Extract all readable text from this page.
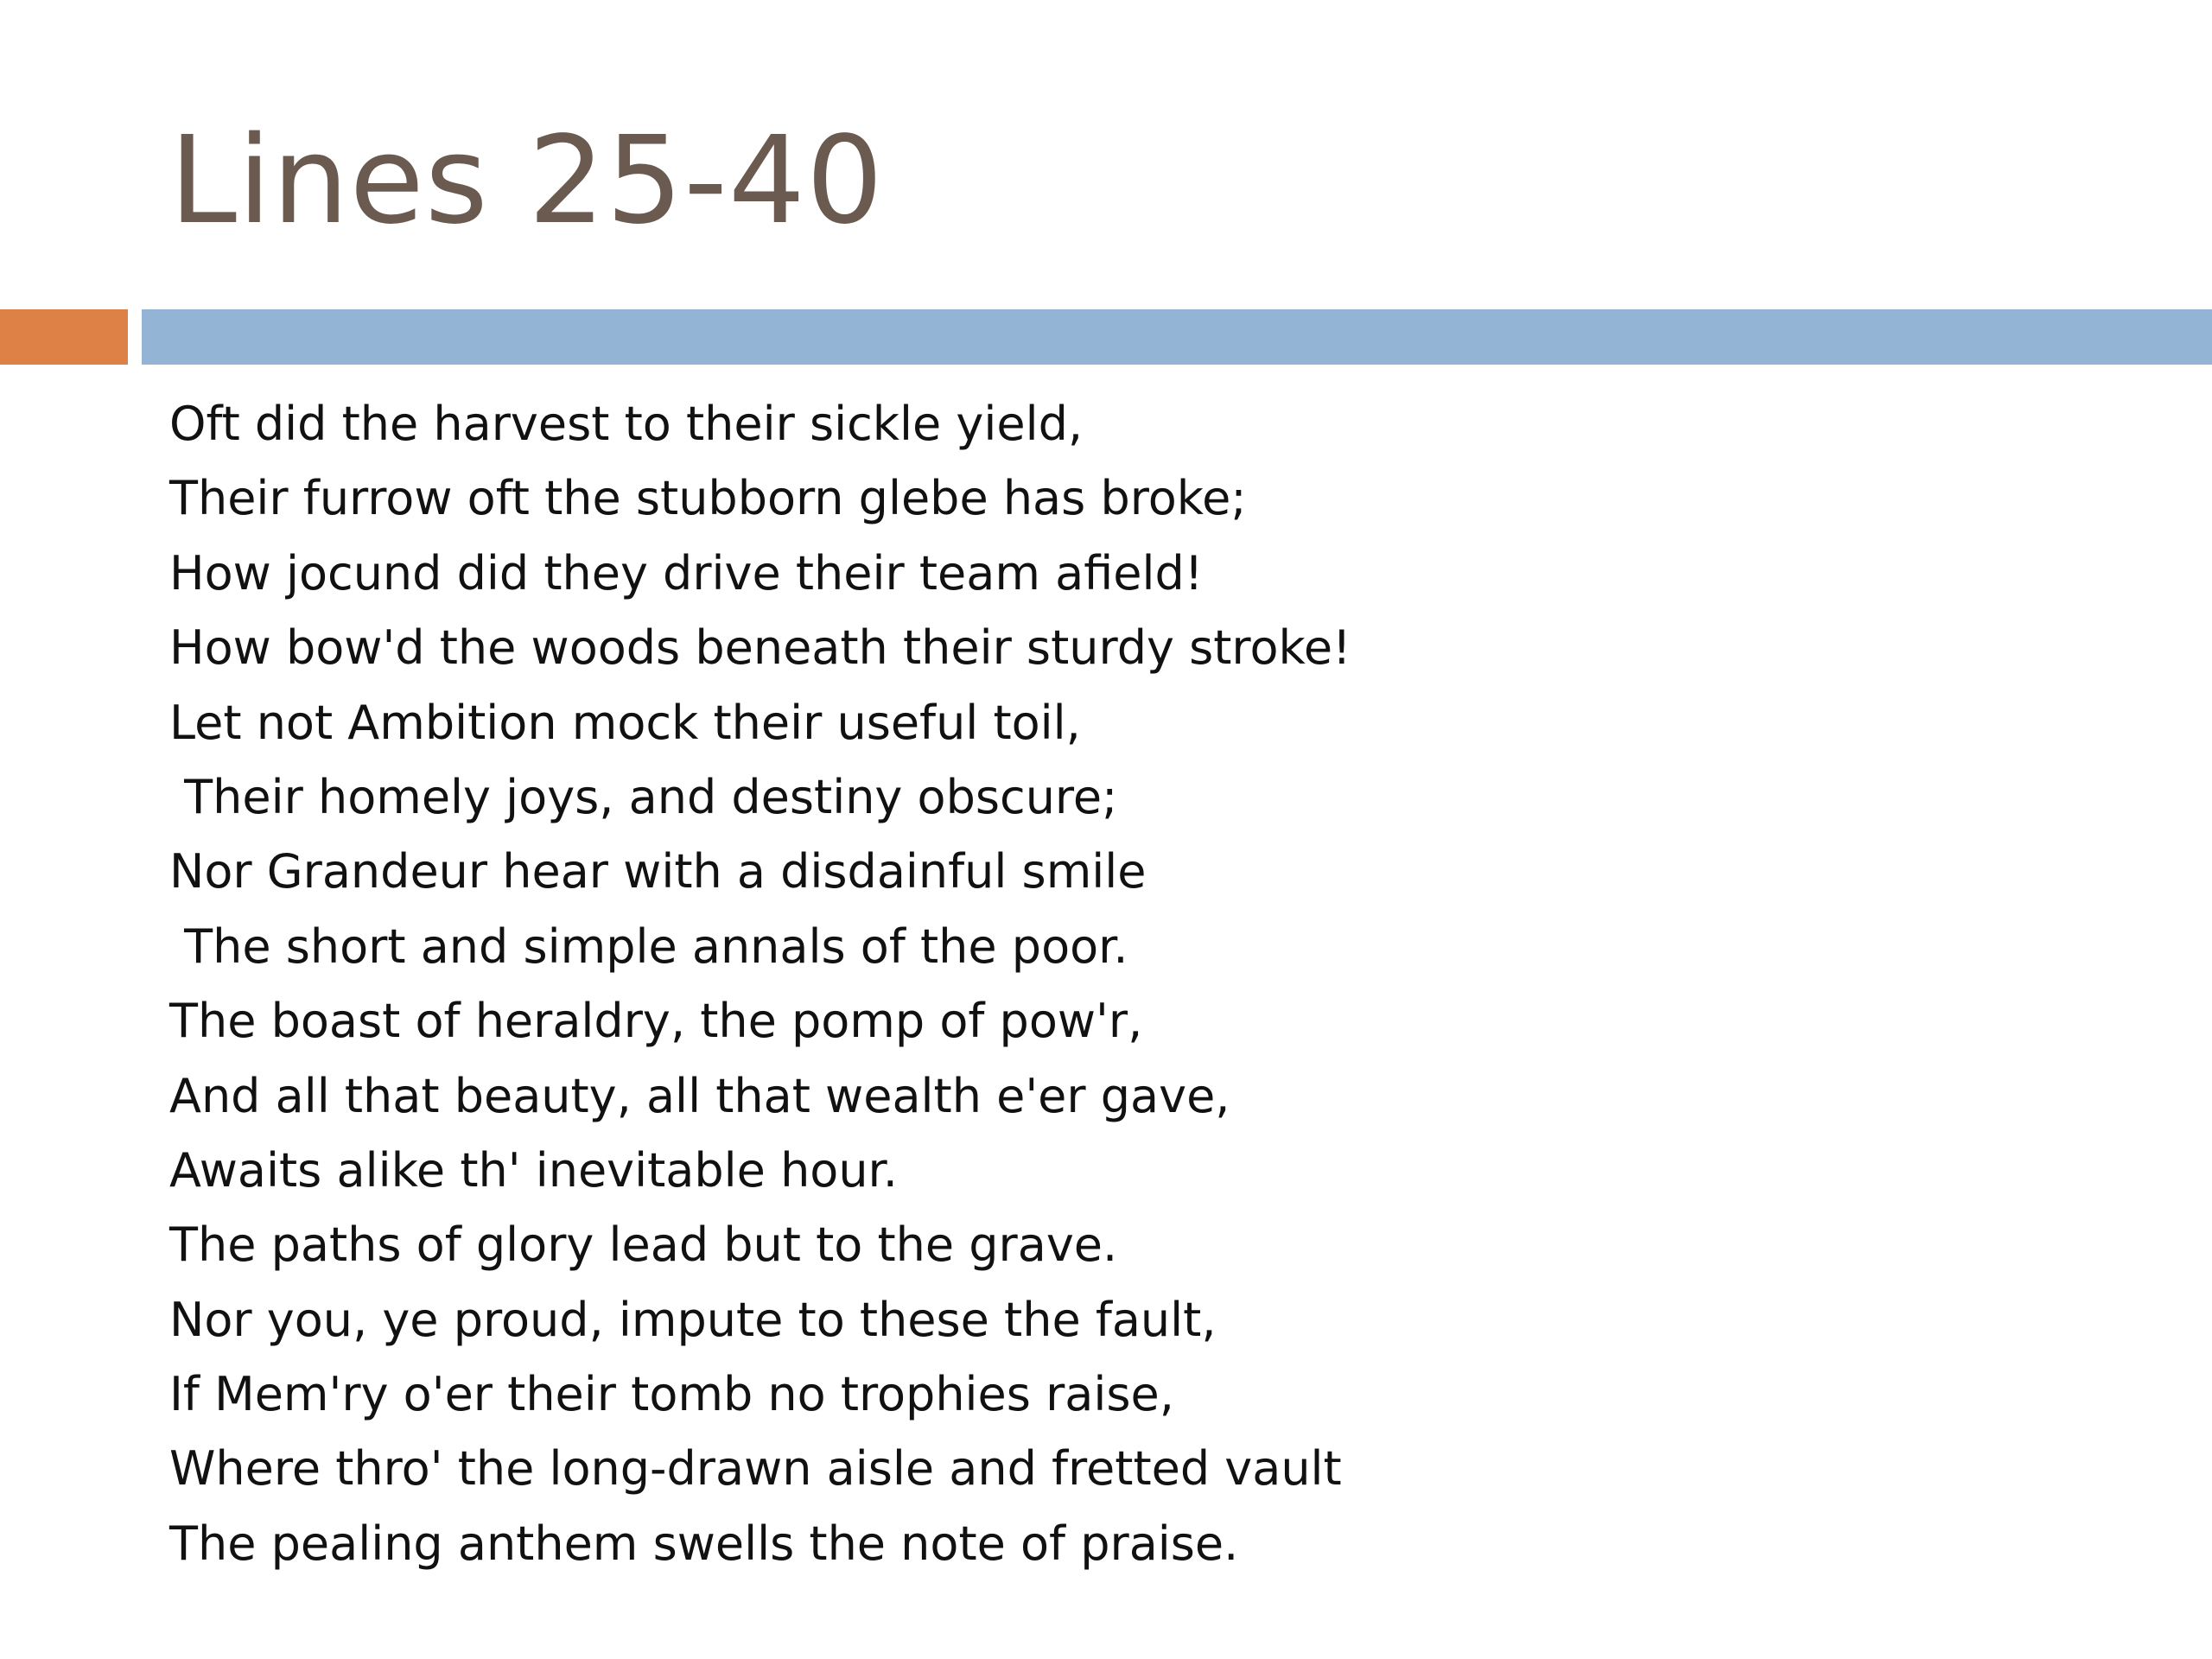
Lines 25-40
Oft did the harvest to their sickle yield,
Their furrow oft the stubborn glebe has broke;
How jocund did they drive their team afield!
How bow'd the woods beneath their sturdy stroke!
Let not Ambition mock their useful toil,
Their homely joys, and destiny obscure;
Nor Grandeur hear with a disdainful smile
The short and simple annals of the poor.
The boast of heraldry, the pomp of pow'r,
And all that beauty, all that wealth e'er gave,
Awaits alike th' inevitable hour.
The paths of glory lead but to the grave.
Nor you, ye proud, impute to these the fault,
If Mem'ry o'er their tomb no trophies raise,
Where thro' the long-drawn aisle and fretted vault
The pealing anthem swells the note of praise.
